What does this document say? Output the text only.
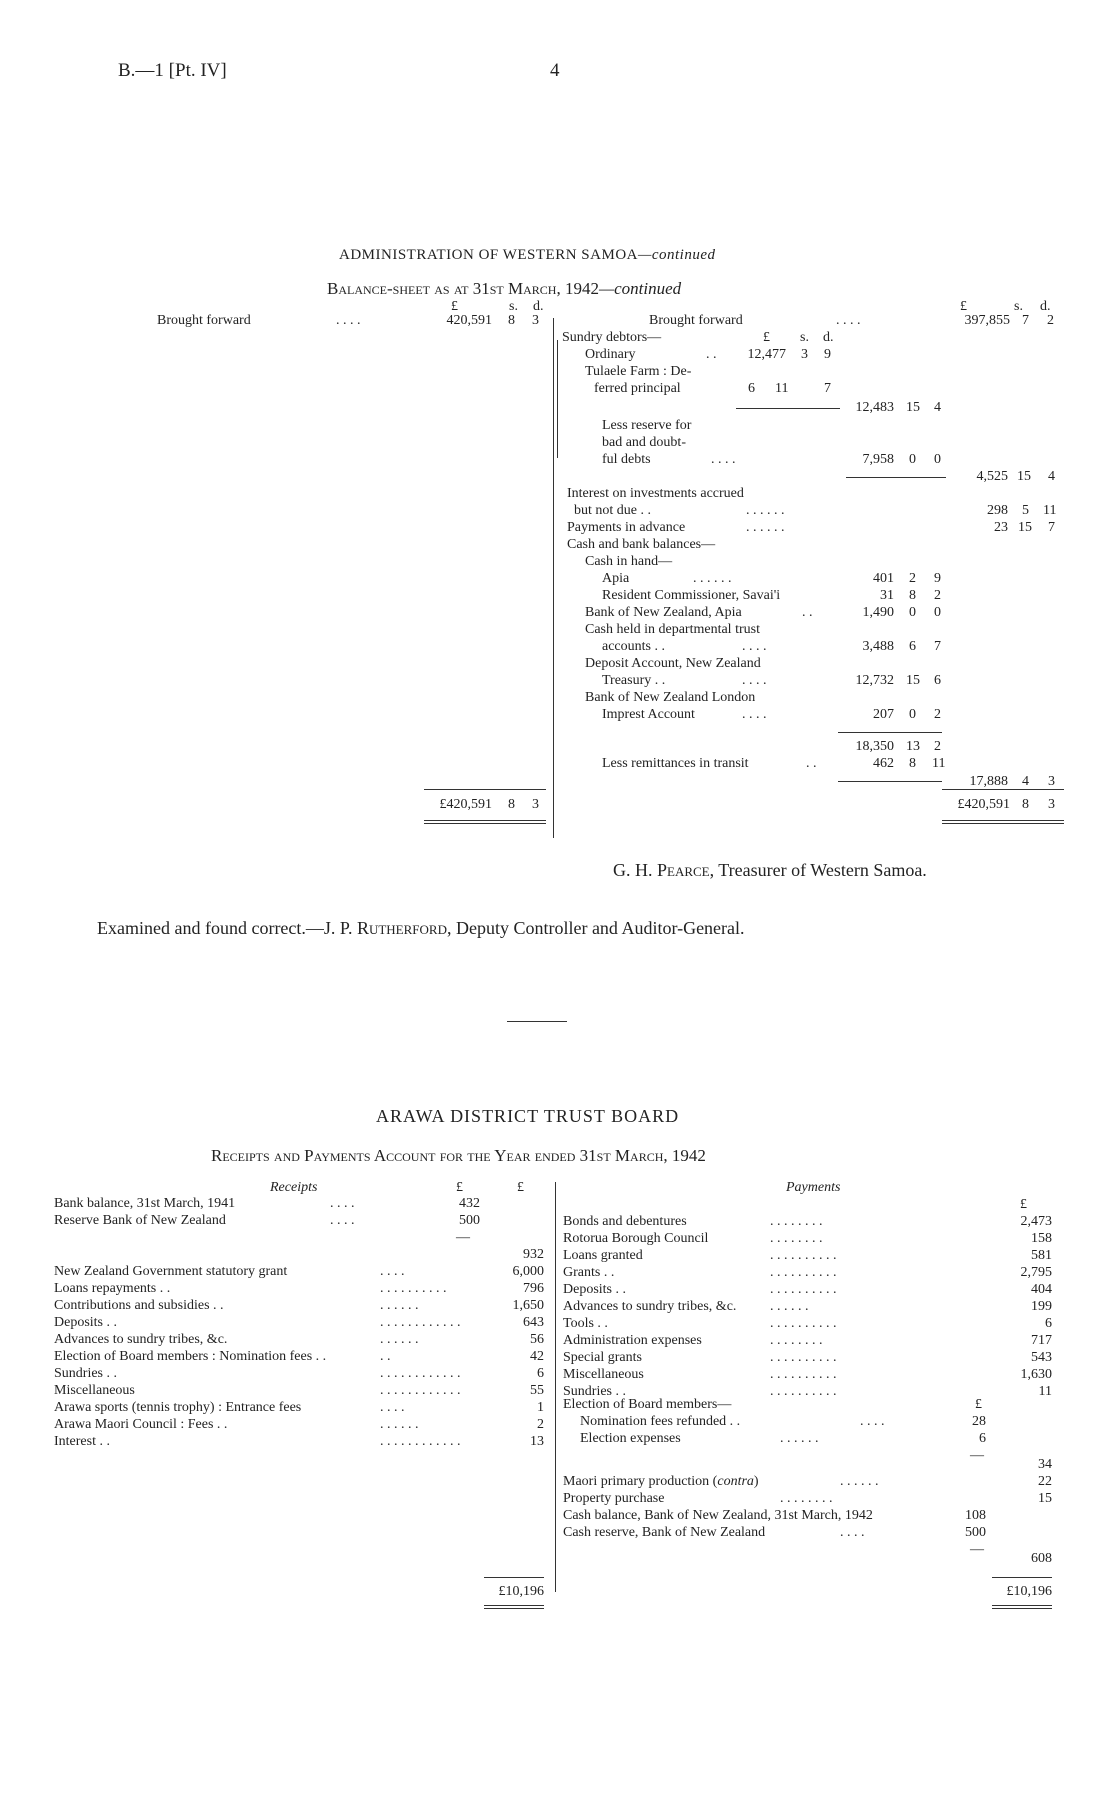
B.—1 [Pt. IV]	4
ADMINISTRATION OF WESTERN SAMOA—continued
Balance-sheet as at 31st March, 1942—continued
£	s. d.
Brought forward	. . . .	420,591 8 3
£420,591 8 3
£	s. d.
Brought forward	. . . .	397,855 7 2
Sundry debtors—	£ s. d.
Ordinary	. .	12,477 3 9
Tulaele Farm : De-
ferred principal	6 11	7
12,483 15 4
Less reserve for
bad and doubt-
ful debts	. . . .	7,958 0 0
4,525 15 4
Interest on investments accrued
but not due . .	. . . . . .	298 5 11
Payments in advance	. . . . . .	23 15 7
Cash and bank balances—
Cash in hand—
Apia	. . . . . .	401 2 9
Resident Commissioner, Savai'i	31 8 2
Bank of New Zealand, Apia	. .	1,490 0 0
Cash held in departmental trust
accounts . .	. . . .	3,488 6 7
Deposit Account, New Zealand
Treasury . .	. . . .	12,732 15 6
Bank of New Zealand London
Imprest Account	. . . .	207 0 2
18,350 13 2
Less remittances in transit	. .	462 8 11
17,888 4 3
£420,591 8 3
G. H. Pearce, Treasurer of Western Samoa.
Examined and found correct.—J. P. Rutherford, Deputy Controller and Auditor-General.
ARAWA DISTRICT TRUST BOARD
Receipts and Payments Account for the Year ended 31st March, 1942
Receipts	£	£
Bank balance, 31st March, 1941	. . . .	432
Reserve Bank of New Zealand	. . . .	500
—
932
New Zealand Government statutory grant	. . . .	6,000
Loans repayments . .	. . . . . . . . . .	796
Contributions and subsidies . .	. . . . . .	1,650
Deposits . .	. . . . . . . . . . . .	643
Advances to sundry tribes, &c.	. . . . . .	56
Election of Board members : Nomination fees . .	. .	42
Sundries . .	. . . . . . . . . . . .	6
Miscellaneous	. . . . . . . . . . . .	55
Arawa sports (tennis trophy) : Entrance fees	. . . .	1
Arawa Maori Council : Fees . .	. . . . . .	2
Interest . .	. . . . . . . . . . . .	13
£10,196
Payments
£
Bonds and debentures	. . . . . . . .	2,473
Rotorua Borough Council	. . . . . . . .	158
Loans granted	. . . . . . . . . .	581
Grants . .	. . . . . . . . . .	2,795
Deposits . .	. . . . . . . . . .	404
Advances to sundry tribes, &c. . . . . . .	199
Tools . .	. . . . . . . . . .	6
Administration expenses	. . . . . . . .	717
Special grants	. . . . . . . . . .	543
Miscellaneous	. . . . . . . . . .	1,630
Sundries . .	. . . . . . . . . .	11
Election of Board members—	£
Nomination fees refunded . .	. . . .	28
Election expenses	. . . . . .	6
—
34
Maori primary production (contra)	. . . . . .	22
Property purchase	. . . . . . . .	15
Cash balance, Bank of New Zealand, 31st March, 1942	108
Cash reserve, Bank of New Zealand	. . . .	500
—
608
£10,196
